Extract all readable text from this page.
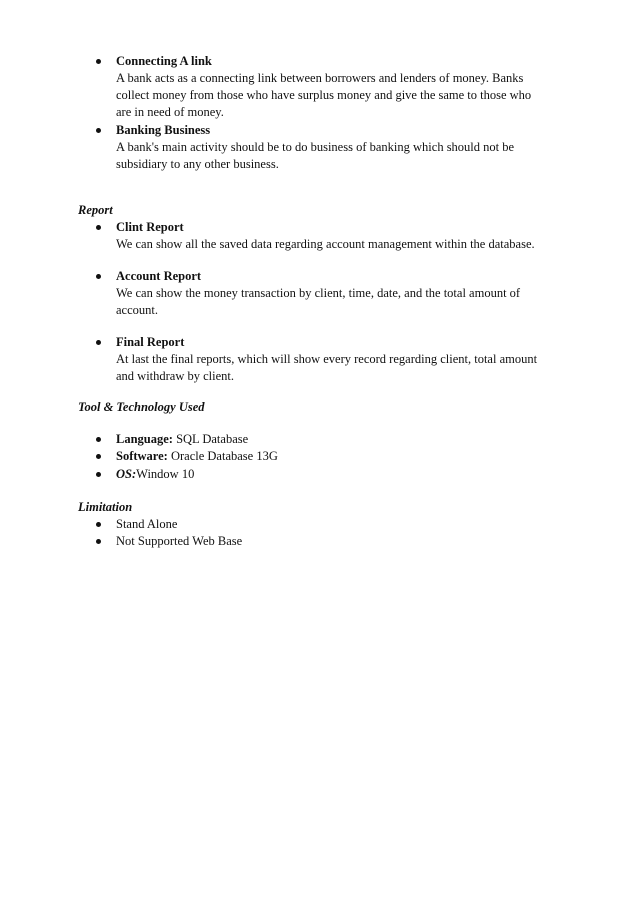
Connecting A link
A bank acts as a connecting link between borrowers and lenders of money. Banks
collect money from those who have surplus money and give the same to those who
are in need of money.
Banking Business
A bank's main activity should be to do business of banking which should not be
subsidiary to any other business.
Report
Clint Report
We can show all the saved data regarding account management within the database.
Account Report
We can show the money transaction by client, time, date, and the total amount of
account.
Final Report
At last the final reports, which will show every record regarding client, total amount
and withdraw by client.
Tool & Technology Used
Language: SQL Database
Software: Oracle Database 13G
OS:Window 10
Limitation
Stand Alone
Not Supported Web Base
